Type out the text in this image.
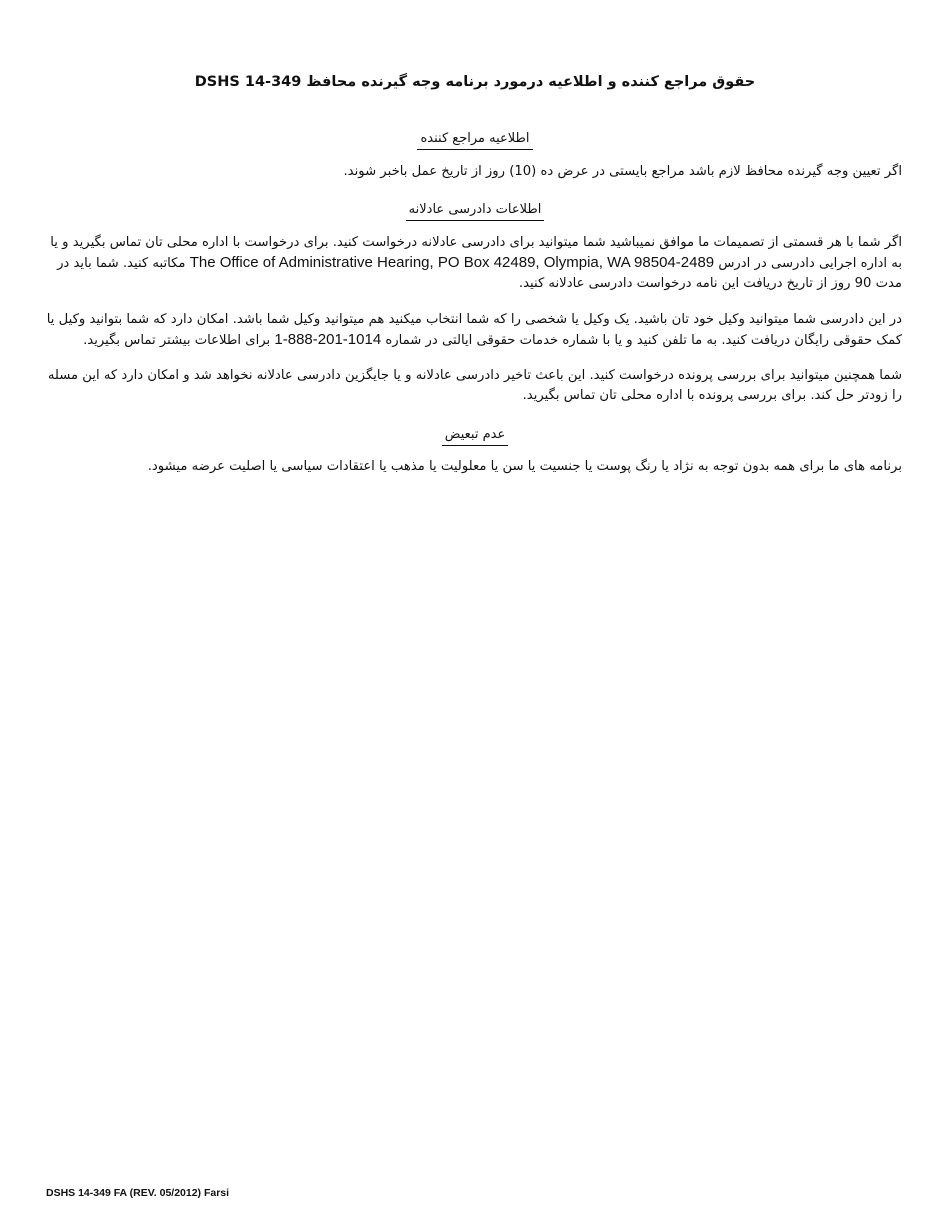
حقوق مراجع کننده و اطلاعیه درمورد برنامه وجه گیرنده محافظ DSHS 14-349
اطلاعیه مراجع کننده

اگر تعیین وجه گیرنده محافظ لازم باشد مراجع بایستی در عرض ده (10) روز از تاریخ عمل باخبر شوند.

اطلاعات دادرسی عادلانه

اگر شما با هر قسمتی از تصمیمات ما موافق نمیباشید شما میتوانید برای دادرسی عادلانه درخواست کنید. برای درخواست با اداره محلی تان تماس بگیرید و یا به اداره اجرایی دادرسی در ادرس The Office of Administrative Hearing, PO Box 42489, Olympia, WA 98504-2489 مکاتبه کنید. شما باید در مدت 90 روز از تاریخ دریافت این نامه درخواست دادرسی عادلانه کنید.

در این دادرسی شما میتوانید وکیل خود تان باشید. یک وکیل یا شخصی را که شما انتخاب میکنید هم میتوانید وکیل شما باشد. امکان دارد که شما بتوانید وکیل یا کمک حقوقی رایگان دریافت کنید. به ما تلفن کنید و یا با شماره خدمات حقوقی ایالتی در شماره 1-888-201-1014 برای اطلاعات بیشتر تماس بگیرید.

شما همچنین میتوانید برای بررسی پرونده درخواست کنید. این باعث تاخیر دادرسی عادلانه و یا جایگزین دادرسی عادلانه نخواهد شد و امکان دارد که این مسله را زودتر حل کند. برای بررسی پرونده با اداره محلی تان تماس بگیرید.

عدم تبعیض

برنامه های ما برای همه بدون توجه به نژاد یا رنگ پوست یا جنسیت یا سن یا معلولیت یا مذهب یا اعتقادات سیاسی یا اصلیت عرضه میشود.

DSHS 14-349 FA (REV. 05/2012) Farsi
